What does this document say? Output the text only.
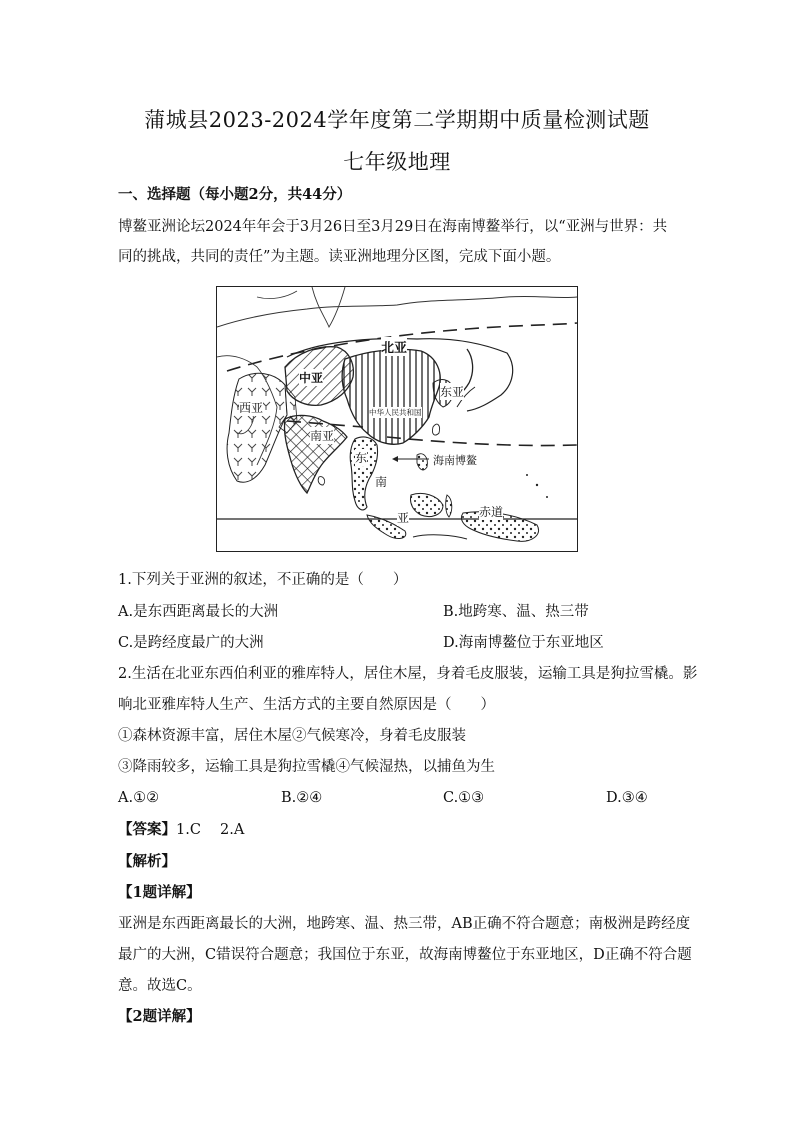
蒲城县2023-2024学年度第二学期期中质量检测试题
七年级地理
一、选择题（每小题2分，共44分）
博鳌亚洲论坛2024年年会于3月26日至3月29日在海南博鳌举行，以“亚洲与世界：共
同的挑战，共同的责任”为主题。读亚洲地理分区图，完成下面小题。
北亚
中亚
西亚	中华人民共和国
东亚
南亚
东
南
亚
海南博鳌
赤道
1.下列关于亚洲的叙述，不正确的是（　　）
A.是东西距离最长的大洲	B.地跨寒、温、热三带
C.是跨经度最广的大洲	D.海南博鳌位于东亚地区
2.生活在北亚东西伯利亚的雅库特人，居住木屋，身着毛皮服装，运输工具是狗拉雪橇。影
响北亚雅库特人生产、生活方式的主要自然原因是（　　）
①森林资源丰富，居住木屋②气候寒冷，身着毛皮服装
③降雨较多，运输工具是狗拉雪橇④气候湿热，以捕鱼为生
A.①②	B.②④	C.①③	D.③④
【答案】1.C　 2.A
【解析】
【1题详解】
亚洲是东西距离最长的大洲，地跨寒、温、热三带，AB正确不符合题意；南极洲是跨经度
最广的大洲，C错误符合题意；我国位于东亚，故海南博鳌位于东亚地区，D正确不符合题
意。故选C。
【2题详解】
